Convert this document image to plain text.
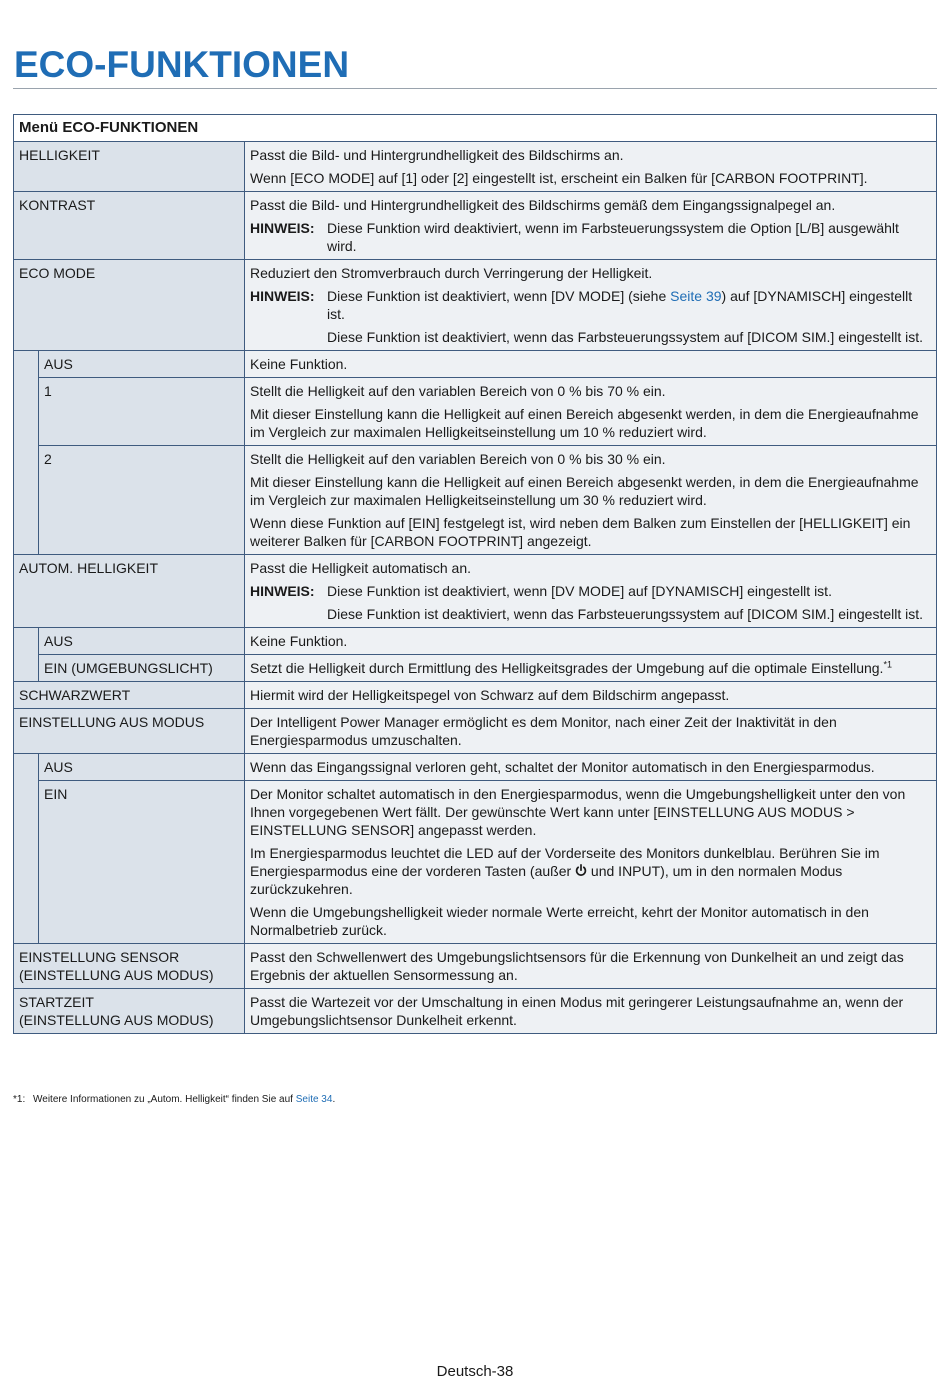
ECO-FUNKTIONEN
Menü ECO-FUNKTIONEN		
HELLIGKEIT		Passt die Bild- und Hintergrundhelligkeit des Bildschirms an.
Wenn [ECO MODE] auf [1] oder [2] eingestellt ist, erscheint ein Balken für [CARBON FOOTPRINT].

KONTRAST		Passt die Bild- und Hintergrundhelligkeit des Bildschirms gemäß dem Eingangssignalpegel an.
HINWEIS: Diese Funktion wird deaktiviert, wenn im Farbsteuerungssystem die Option [L/B] ausgewählt wird.

ECO MODE		Reduziert den Stromverbrauch durch Verringerung der Helligkeit.
HINWEIS: Diese Funktion ist deaktiviert, wenn [DV MODE] (siehe Seite 39) auf [DYNAMISCH] eingestellt ist.
Diese Funktion ist deaktiviert, wenn das Farbsteuerungssystem auf [DICOM SIM.] eingestellt ist.

	AUS	Keine Funktion.

	1	Stellt die Helligkeit auf den variablen Bereich von 0 % bis 70 % ein.
Mit dieser Einstellung kann die Helligkeit auf einen Bereich abgesenkt werden, in dem die Energieaufnahme im Vergleich zur maximalen Helligkeitseinstellung um 10 % reduziert wird.

	2	Stellt die Helligkeit auf den variablen Bereich von 0 % bis 30 % ein.
Mit dieser Einstellung kann die Helligkeit auf einen Bereich abgesenkt werden, in dem die Energieaufnahme im Vergleich zur maximalen Helligkeitseinstellung um 30 % reduziert wird.
Wenn diese Funktion auf [EIN] festgelegt ist, wird neben dem Balken zum Einstellen der [HELLIGKEIT] ein weiterer Balken für [CARBON FOOTPRINT] angezeigt.

AUTOM. HELLIGKEIT		Passt die Helligkeit automatisch an.
HINWEIS: Diese Funktion ist deaktiviert, wenn [DV MODE] auf [DYNAMISCH] eingestellt ist.
Diese Funktion ist deaktiviert, wenn das Farbsteuerungssystem auf [DICOM SIM.] eingestellt ist.

	AUS	Keine Funktion.

	EIN (UMGEBUNGSLICHT)	Setzt die Helligkeit durch Ermittlung des Helligkeitsgrades der Umgebung auf die optimale Einstellung.$^{*1}$

SCHWARZWERT		Hiermit wird der Helligkeitspegel von Schwarz auf dem Bildschirm angepasst.

EINSTELLUNG AUS MODUS		Der Intelligent Power Manager ermöglicht es dem Monitor, nach einer Zeit der Inaktivität in den Energiesparmodus umzuschalten.

	AUS	Wenn das Eingangssignal verloren geht, schaltet der Monitor automatisch in den Energiesparmodus.

	EIN	Der Monitor schaltet automatisch in den Energiesparmodus, wenn die Umgebungshelligkeit unter den von Ihnen vorgegebenen Wert fällt. Der gewünschte Wert kann unter [EINSTELLUNG AUS MODUS > EINSTELLUNG SENSOR] angepasst werden.
Im Energiesparmodus leuchtet die LED auf der Vorderseite des Monitors dunkelblau. Berühren Sie im Energiesparmodus eine der vorderen Tasten (außer  und INPUT), um in den normalen Modus zurückzukehren.
Wenn die Umgebungshelligkeit wieder normale Werte erreicht, kehrt der Monitor automatisch in den Normalbetrieb zurück.

EINSTELLUNG SENSOR
(EINSTELLUNG AUS MODUS)		Passt den Schwellenwert des Umgebungslichtsensors für die Erkennung von Dunkelheit an und zeigt das Ergebnis der aktuellen Sensormessung an.

STARTZEIT
(EINSTELLUNG AUS MODUS)		Passt die Wartezeit vor der Umschaltung in einen Modus mit geringerer Leistungsaufnahme an, wenn der Umgebungslichtsensor Dunkelheit erkennt.
*1: Weitere Informationen zu „Autom. Helligkeit“ finden Sie auf Seite 34.
Deutsch-38
